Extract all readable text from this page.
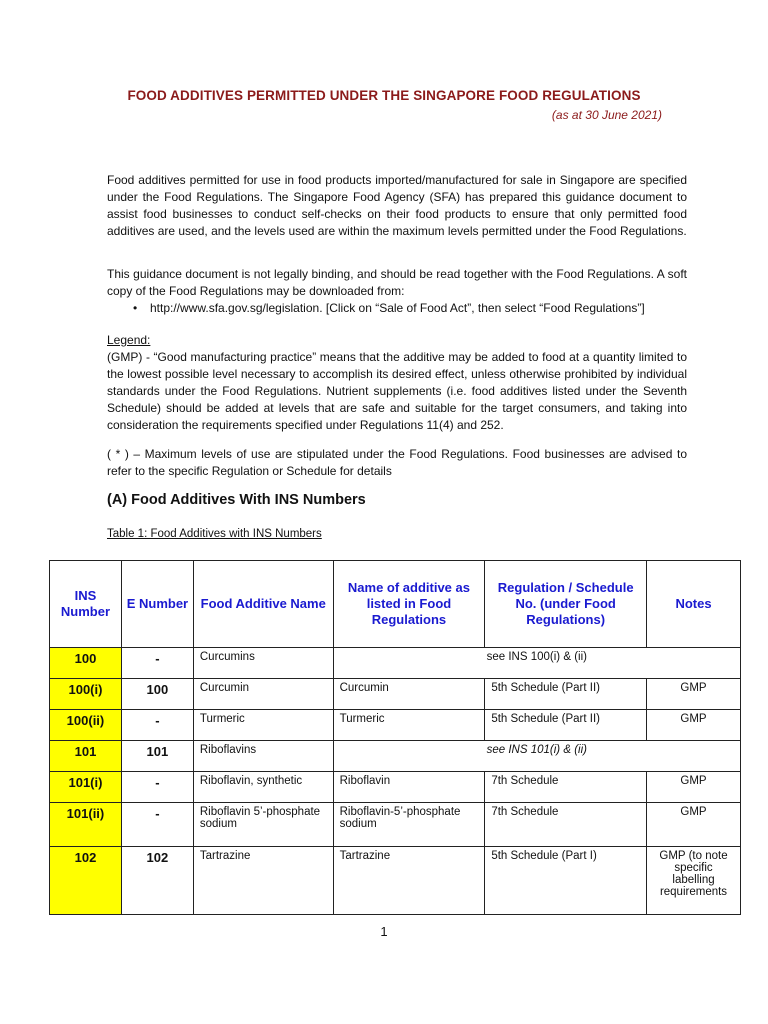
FOOD ADDITIVES PERMITTED UNDER THE SINGAPORE FOOD REGULATIONS
(as at 30 June 2021)
Food additives permitted for use in food products imported/manufactured for sale in Singapore are specified under the Food Regulations. The Singapore Food Agency (SFA) has prepared this guidance document to assist food businesses to conduct self-checks on their food products to ensure that only permitted food additives are used, and the levels used are within the maximum levels permitted under the Food Regulations.
This guidance document is not legally binding, and should be read together with the Food Regulations. A soft copy of the Food Regulations may be downloaded from:
• http://www.sfa.gov.sg/legislation. [Click on “Sale of Food Act”, then select “Food Regulations”]
Legend:
(GMP) - “Good manufacturing practice” means that the additive may be added to food at a quantity limited to the lowest possible level necessary to accomplish its desired effect, unless otherwise prohibited by individual standards under the Food Regulations. Nutrient supplements (i.e. food additives listed under the Seventh Schedule) should be added at levels that are safe and suitable for the target consumers, and taking into consideration the requirements specified under Regulations 11(4) and 252.
( * ) – Maximum levels of use are stipulated under the Food Regulations. Food businesses are advised to refer to the specific Regulation or Schedule for details
(A) Food Additives With INS Numbers
Table 1: Food Additives with INS Numbers
INS Number	E Number	Food Additive Name	Name of additive as listed in Food Regulations	Regulation / Schedule No. (under Food Regulations)	Notes
100	-	Curcumins	see INS 100(i) & (ii)		
100(i)	100	Curcumin	Curcumin	5th Schedule (Part II)	GMP
100(ii)	-	Turmeric	Turmeric	5th Schedule (Part II)	GMP
101	101	Riboflavins	see INS 101(i) & (ii)		
101(i)	-	Riboflavin, synthetic	Riboflavin	7th Schedule	GMP
101(ii)	-	Riboflavin 5’-phosphate sodium	Riboflavin-5’-phosphate sodium	7th Schedule	GMP
102	102	Tartrazine	Tartrazine	5th Schedule (Part I)	GMP (to note specific labelling requirements
1
